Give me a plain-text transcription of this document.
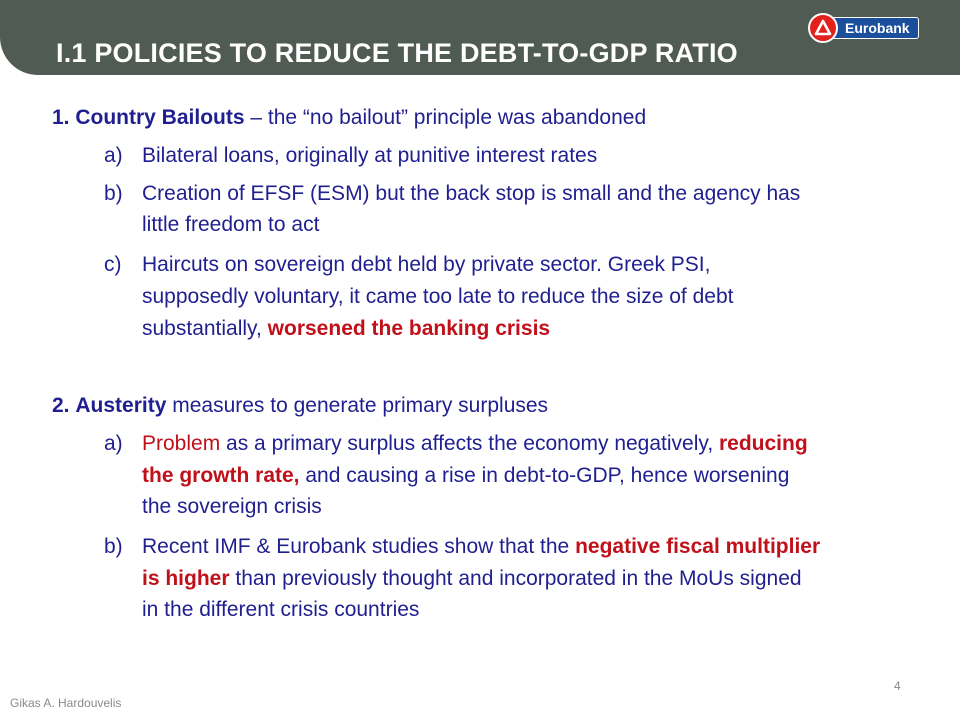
I.1 POLICIES TO REDUCE THE DEBT-TO-GDP RATIO
Eurobank
1. Country Bailouts – the “no bailout” principle was abandoned
a) Bilateral loans, originally at punitive interest rates
b) Creation of EFSF (ESM) but the back stop is small and the agency has
little freedom to act
c) Haircuts on sovereign debt held by private sector. Greek PSI,
supposedly voluntary, it came too late to reduce the size of debt
substantially, worsened the banking crisis
2. Austerity measures to generate primary surpluses
a) Problem as a primary surplus affects the economy negatively, reducing
the growth rate, and causing a rise in debt-to-GDP, hence worsening
the sovereign crisis
b) Recent IMF & Eurobank studies show that the negative fiscal multiplier
is higher than previously thought and incorporated in the MoUs signed
in the different crisis countries
4
Gikas A. Hardouvelis
